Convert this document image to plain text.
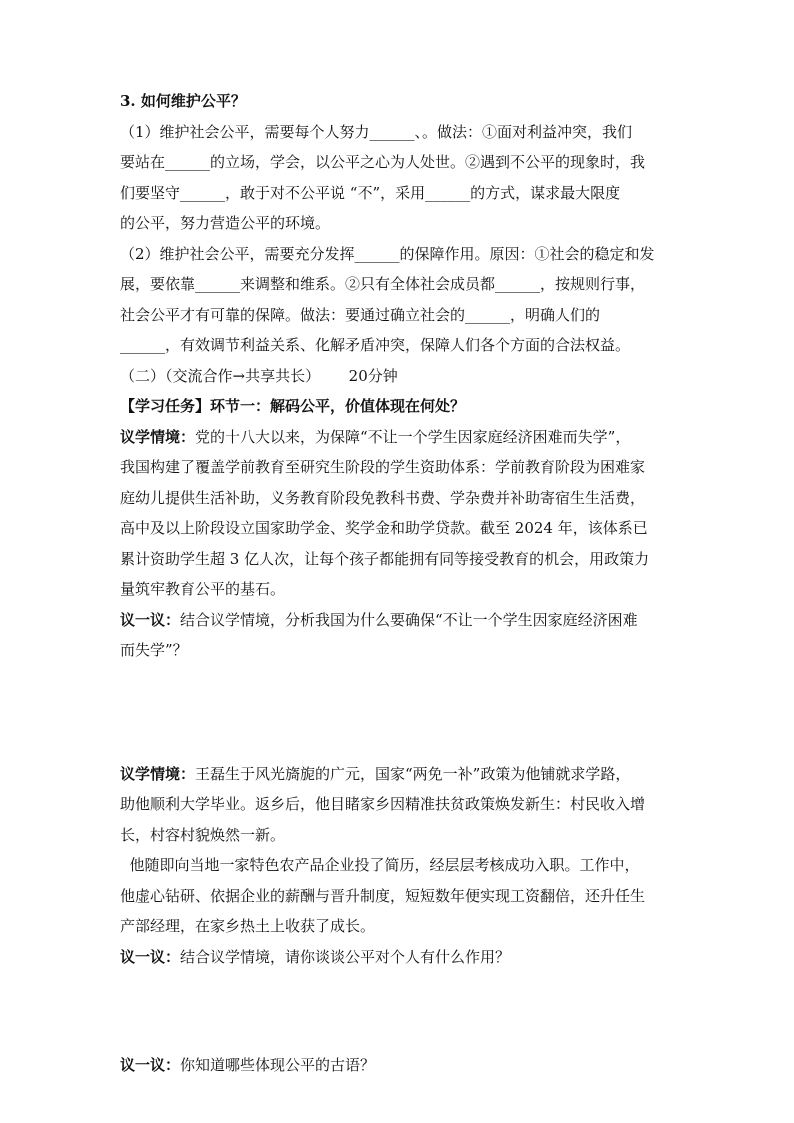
3. 如何维护公平？
（1）维护社会公平，需要每个人努力______、。做法：①面对利益冲突，我们
要站在______的立场，学会，以公平之心为人处世。②遇到不公平的现象时，我
们要坚守______，敢于对不公平说 “不”，采用______的方式，谋求最大限度
的公平，努力营造公平的环境。
（2）维护社会公平，需要充分发挥______的保障作用。原因：①社会的稳定和发
展，要依靠______来调整和维系。②只有全体社会成员都______，按规则行事，
社会公平才有可靠的保障。做法：要通过确立社会的______，明确人们的
______，有效调节利益关系、化解矛盾冲突，保障人们各个方面的合法权益。
（二）（交流合作→共享共长）      20分钟
【学习任务】环节一：解码公平，价值体现在何处？
议学情境：党的十八大以来，为保障“不让一个学生因家庭经济困难而失学”，
我国构建了覆盖学前教育至研究生阶段的学生资助体系：学前教育阶段为困难家
庭幼儿提供生活补助，义务教育阶段免教科书费、学杂费并补助寄宿生生活费，
高中及以上阶段设立国家助学金、奖学金和助学贷款。截至 2024 年，该体系已
累计资助学生超 3 亿人次，让每个孩子都能拥有同等接受教育的机会，用政策力
量筑牢教育公平的基石。
议一议：结合议学情境，分析我国为什么要确保“不让一个学生因家庭经济困难
而失学”？
议学情境：王磊生于风光旖旎的广元，国家“两免一补”政策为他铺就求学路，
助他顺利大学毕业。返乡后，他目睹家乡因精准扶贫政策焕发新生：村民收入增
长，村容村貌焕然一新。
他随即向当地一家特色农产品企业投了简历，经层层考核成功入职。工作中，
他虚心钻研、依据企业的薪酬与晋升制度，短短数年便实现工资翻倍，还升任生
产部经理，在家乡热土上收获了成长。
议一议：结合议学情境，请你谈谈公平对个人有什么作用？
议一议：你知道哪些体现公平的古语？
